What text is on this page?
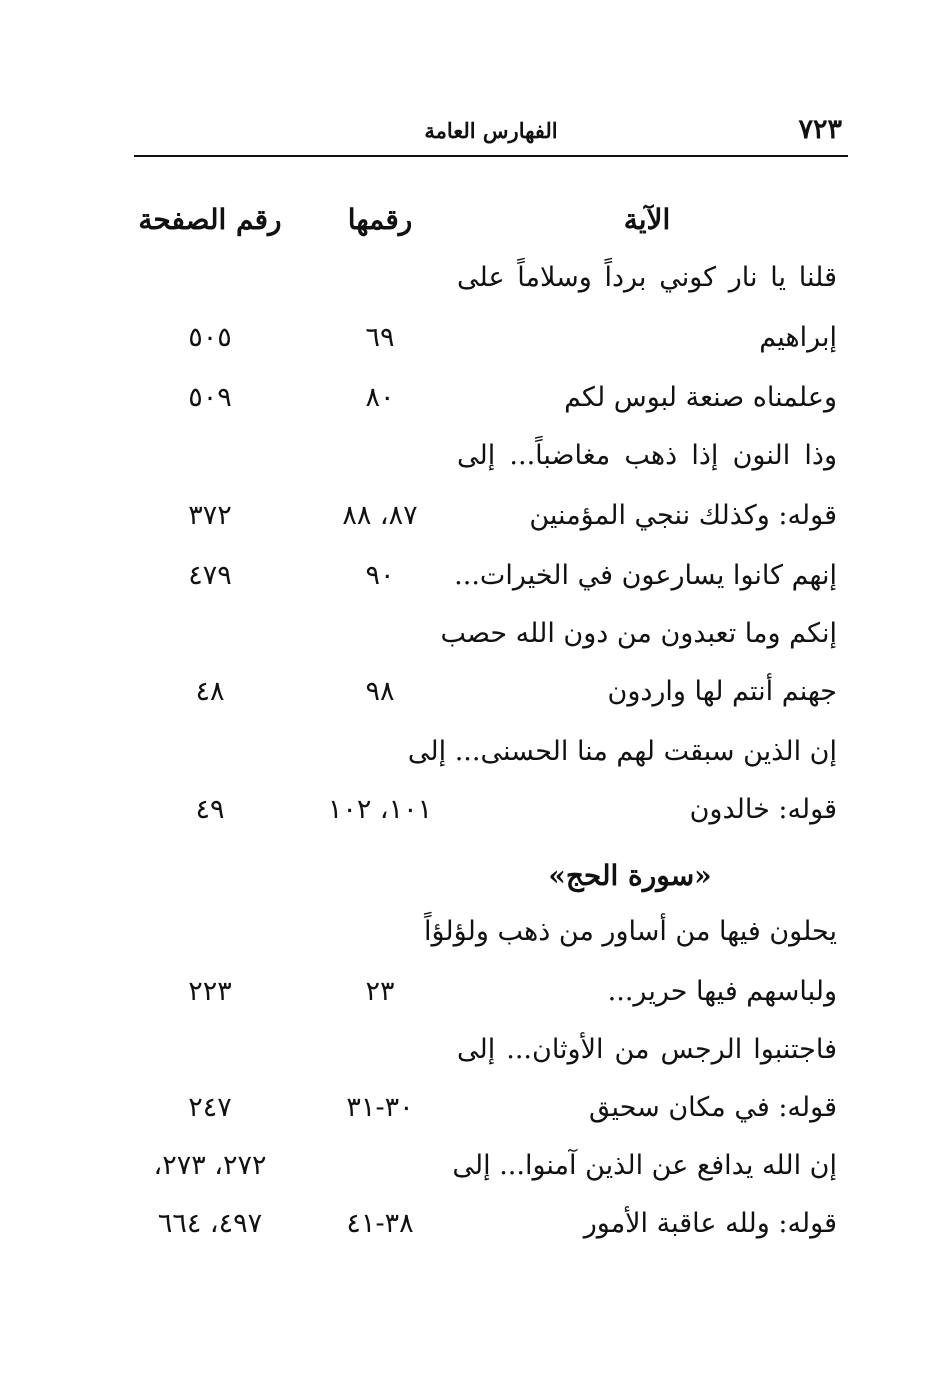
٧٢٣
الفهارس العامة
الآية
رقمها
رقم الصفحة
قلنا يا نار كوني برداً وسلاماً على
إبراهيم
٦٩
٥٠٥
وعلمناه صنعة لبوس لكم
٨٠
٥٠٩
وذا النون إذا ذهب مغاضباً... إلى
قوله: وكذلك ننجي المؤمنين
٨٧، ٨٨
٣٧٢
إنهم كانوا يسارعون في الخيرات...
٩٠
٤٧٩
إنكم وما تعبدون من دون الله حصب
جهنم أنتم لها واردون
٩٨
٤٨
إن الذين سبقت لهم منا الحسنى... إلى
قوله: خالدون
١٠١، ١٠٢
٤٩
«سورة الحج»
يحلون فيها من أساور من ذهب ولؤلؤاً
ولباسهم فيها حرير...
٢٣
٢٢٣
فاجتنبوا الرجس من الأوثان... إلى
قوله: في مكان سحيق
٣٠-٣١
٢٤٧
إن الله يدافع عن الذين آمنوا... إلى
٢٧٢، ٢٧٣،
قوله: ولله عاقبة الأمور
٣٨-٤١
٤٩٧، ٦٦٤
